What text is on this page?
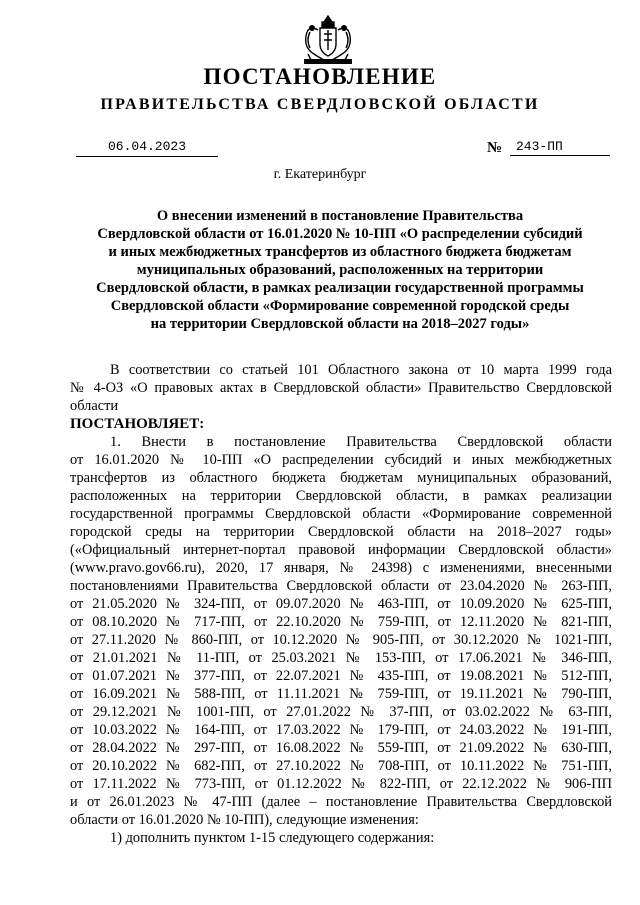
ПОСТАНОВЛЕНИЕ
ПРАВИТЕЛЬСТВА СВЕРДЛОВСКОЙ ОБЛАСТИ
06.04.2023	№	243-ПП
г. Екатеринбург
О внесении изменений в постановление Правительства
Свердловской области от 16.01.2020 № 10-ПП «О распределении субсидий
и иных межбюджетных трансфертов из областного бюджета бюджетам
муниципальных образований, расположенных на территории
Свердловской области, в рамках реализации государственной программы
Свердловской области «Формирование современной городской среды
на территории Свердловской области на 2018–2027 годы»
В соответствии со статьей 101 Областного закона от 10 марта 1999 года
№ 4-ОЗ «О правовых актах в Свердловской области» Правительство Свердловской
области
ПОСТАНОВЛЯЕТ:
1. Внести в постановление Правительства Свердловской области
от 16.01.2020 № 10-ПП «О распределении субсидий и иных межбюджетных
трансфертов из областного бюджета бюджетам муниципальных образований,
расположенных на территории Свердловской области, в рамках реализации
государственной программы Свердловской области «Формирование современной
городской среды на территории Свердловской области на 2018–2027 годы»
(«Официальный интернет-портал правовой информации Свердловской области»
(www.pravo.gov66.ru), 2020, 17 января, № 24398) с изменениями, внесенными
постановлениями Правительства Свердловской области от 23.04.2020 № 263-ПП,
от 21.05.2020 № 324-ПП, от 09.07.2020 № 463-ПП, от 10.09.2020 № 625-ПП,
от 08.10.2020 № 717-ПП, от 22.10.2020 № 759-ПП, от 12.11.2020 № 821-ПП,
от 27.11.2020 № 860-ПП, от 10.12.2020 № 905-ПП, от 30.12.2020 № 1021-ПП,
от 21.01.2021 № 11-ПП, от 25.03.2021 № 153-ПП, от 17.06.2021 № 346-ПП,
от 01.07.2021 № 377-ПП, от 22.07.2021 № 435-ПП, от 19.08.2021 № 512-ПП,
от 16.09.2021 № 588-ПП, от 11.11.2021 № 759-ПП, от 19.11.2021 № 790-ПП,
от 29.12.2021 № 1001-ПП, от 27.01.2022 № 37-ПП, от 03.02.2022 № 63-ПП,
от 10.03.2022 № 164-ПП, от 17.03.2022 № 179-ПП, от 24.03.2022 № 191-ПП,
от 28.04.2022 № 297-ПП, от 16.08.2022 № 559-ПП, от 21.09.2022 № 630-ПП,
от 20.10.2022 № 682-ПП, от 27.10.2022 № 708-ПП, от 10.11.2022 № 751-ПП,
от 17.11.2022 № 773-ПП, от 01.12.2022 № 822-ПП, от 22.12.2022 № 906-ПП
и от 26.01.2023 № 47-ПП (далее – постановление Правительства Свердловской
области от 16.01.2020 № 10-ПП), следующие изменения:
1) дополнить пунктом 1-15 следующего содержания:
